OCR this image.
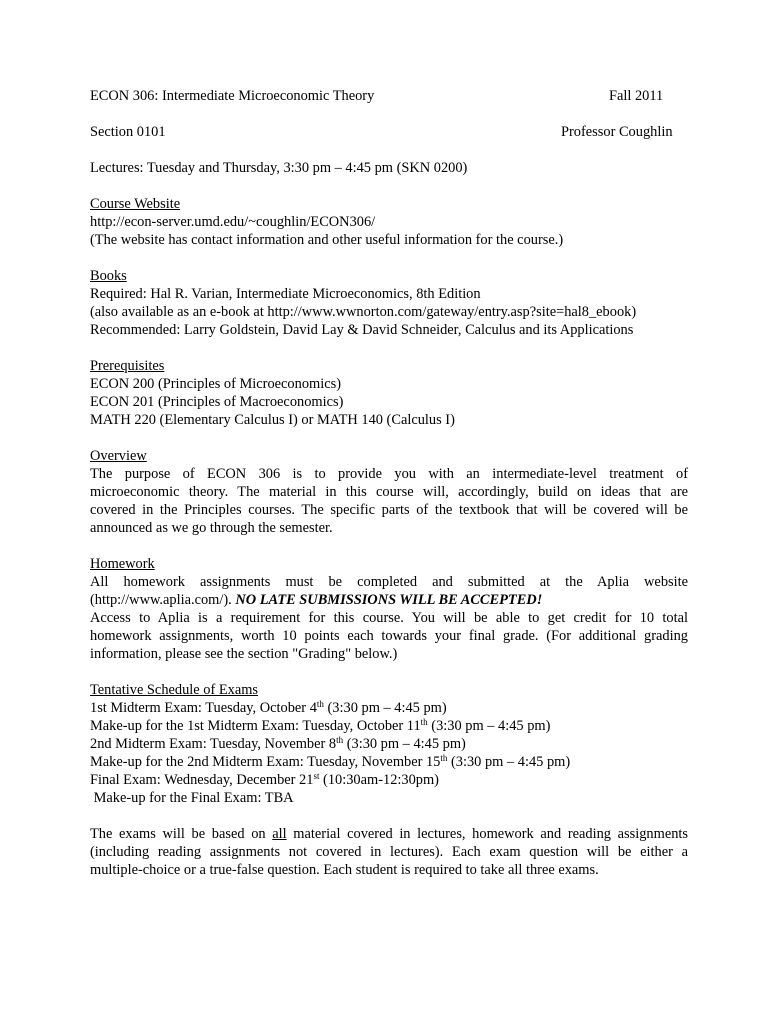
ECON 306: Intermediate Microeconomic Theory	Fall 2011
Section 0101	Professor Coughlin
Lectures: Tuesday and Thursday, 3:30 pm – 4:45 pm (SKN 0200)
Course Website
http://econ-server.umd.edu/~coughlin/ECON306/
(The website has contact information and other useful information for the course.)
Books
Required: Hal R. Varian, Intermediate Microeconomics, 8th Edition
(also available as an e-book at http://www.wwnorton.com/gateway/entry.asp?site=hal8_ebook)
Recommended: Larry Goldstein, David Lay & David Schneider, Calculus and its Applications
Prerequisites
ECON 200 (Principles of Microeconomics)
ECON 201 (Principles of Macroeconomics)
MATH 220 (Elementary Calculus I) or MATH 140 (Calculus I)
Overview
The purpose of ECON 306 is to provide you with an intermediate-level treatment of
microeconomic theory. The material in this course will, accordingly, build on ideas that are
covered in the Principles courses. The specific parts of the textbook that will be covered will be
announced as we go through the semester.
Homework
All homework assignments must be completed and submitted at the Aplia website
(http://www.aplia.com/). NO LATE SUBMISSIONS WILL BE ACCEPTED!
Access to Aplia is a requirement for this course. You will be able to get credit for 10 total
homework assignments, worth 10 points each towards your final grade. (For additional grading
information, please see the section "Grading" below.)
Tentative Schedule of Exams
1st Midterm Exam: Tuesday, October 4th (3:30 pm – 4:45 pm)
Make-up for the 1st Midterm Exam: Tuesday, October 11th (3:30 pm – 4:45 pm)
2nd Midterm Exam: Tuesday, November 8th (3:30 pm – 4:45 pm)
Make-up for the 2nd Midterm Exam: Tuesday, November 15th (3:30 pm – 4:45 pm)
Final Exam: Wednesday, December 21st (10:30am-12:30pm)
Make-up for the Final Exam: TBA
The exams will be based on all material covered in lectures, homework and reading assignments
(including reading assignments not covered in lectures). Each exam question will be either a
multiple-choice or a true-false question. Each student is required to take all three exams.
